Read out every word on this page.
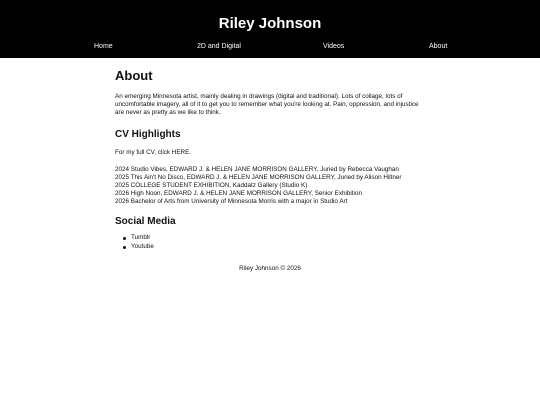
Riley Johnson
Home	2D and Digital	Videos	About
About

An emerging Minnesota artist, mainly dealing in drawings (digital and traditional). Lots of collage, lots of uncomfortable imagery, all of it to get you to remember what you're looking at. Pain, oppression, and injustice are never as pretty as we like to think.

CV Highlights

For my full CV, click HERE.

2024 Studio Vibes, EDWARD J. & HELEN JANE MORRISON GALLERY, Juried by Rebecca Vaughan
2025 This Ain't No Disco, EDWARD J. & HELEN JANE MORRISON GALLERY, Juried by Alison Hiltner
2025 COLLEGE STUDENT EXHIBITION, Kaddatz Gallery (Studio K)
2026 High Noon, EDWARD J. & HELEN JANE MORRISON GALLERY, Senior Exhibition
2026 Bachelor of Arts from University of Minnesota Morris with a major in Studio Art
Social Media
Tumblr
Youtube
Riley Johnson © 2026
